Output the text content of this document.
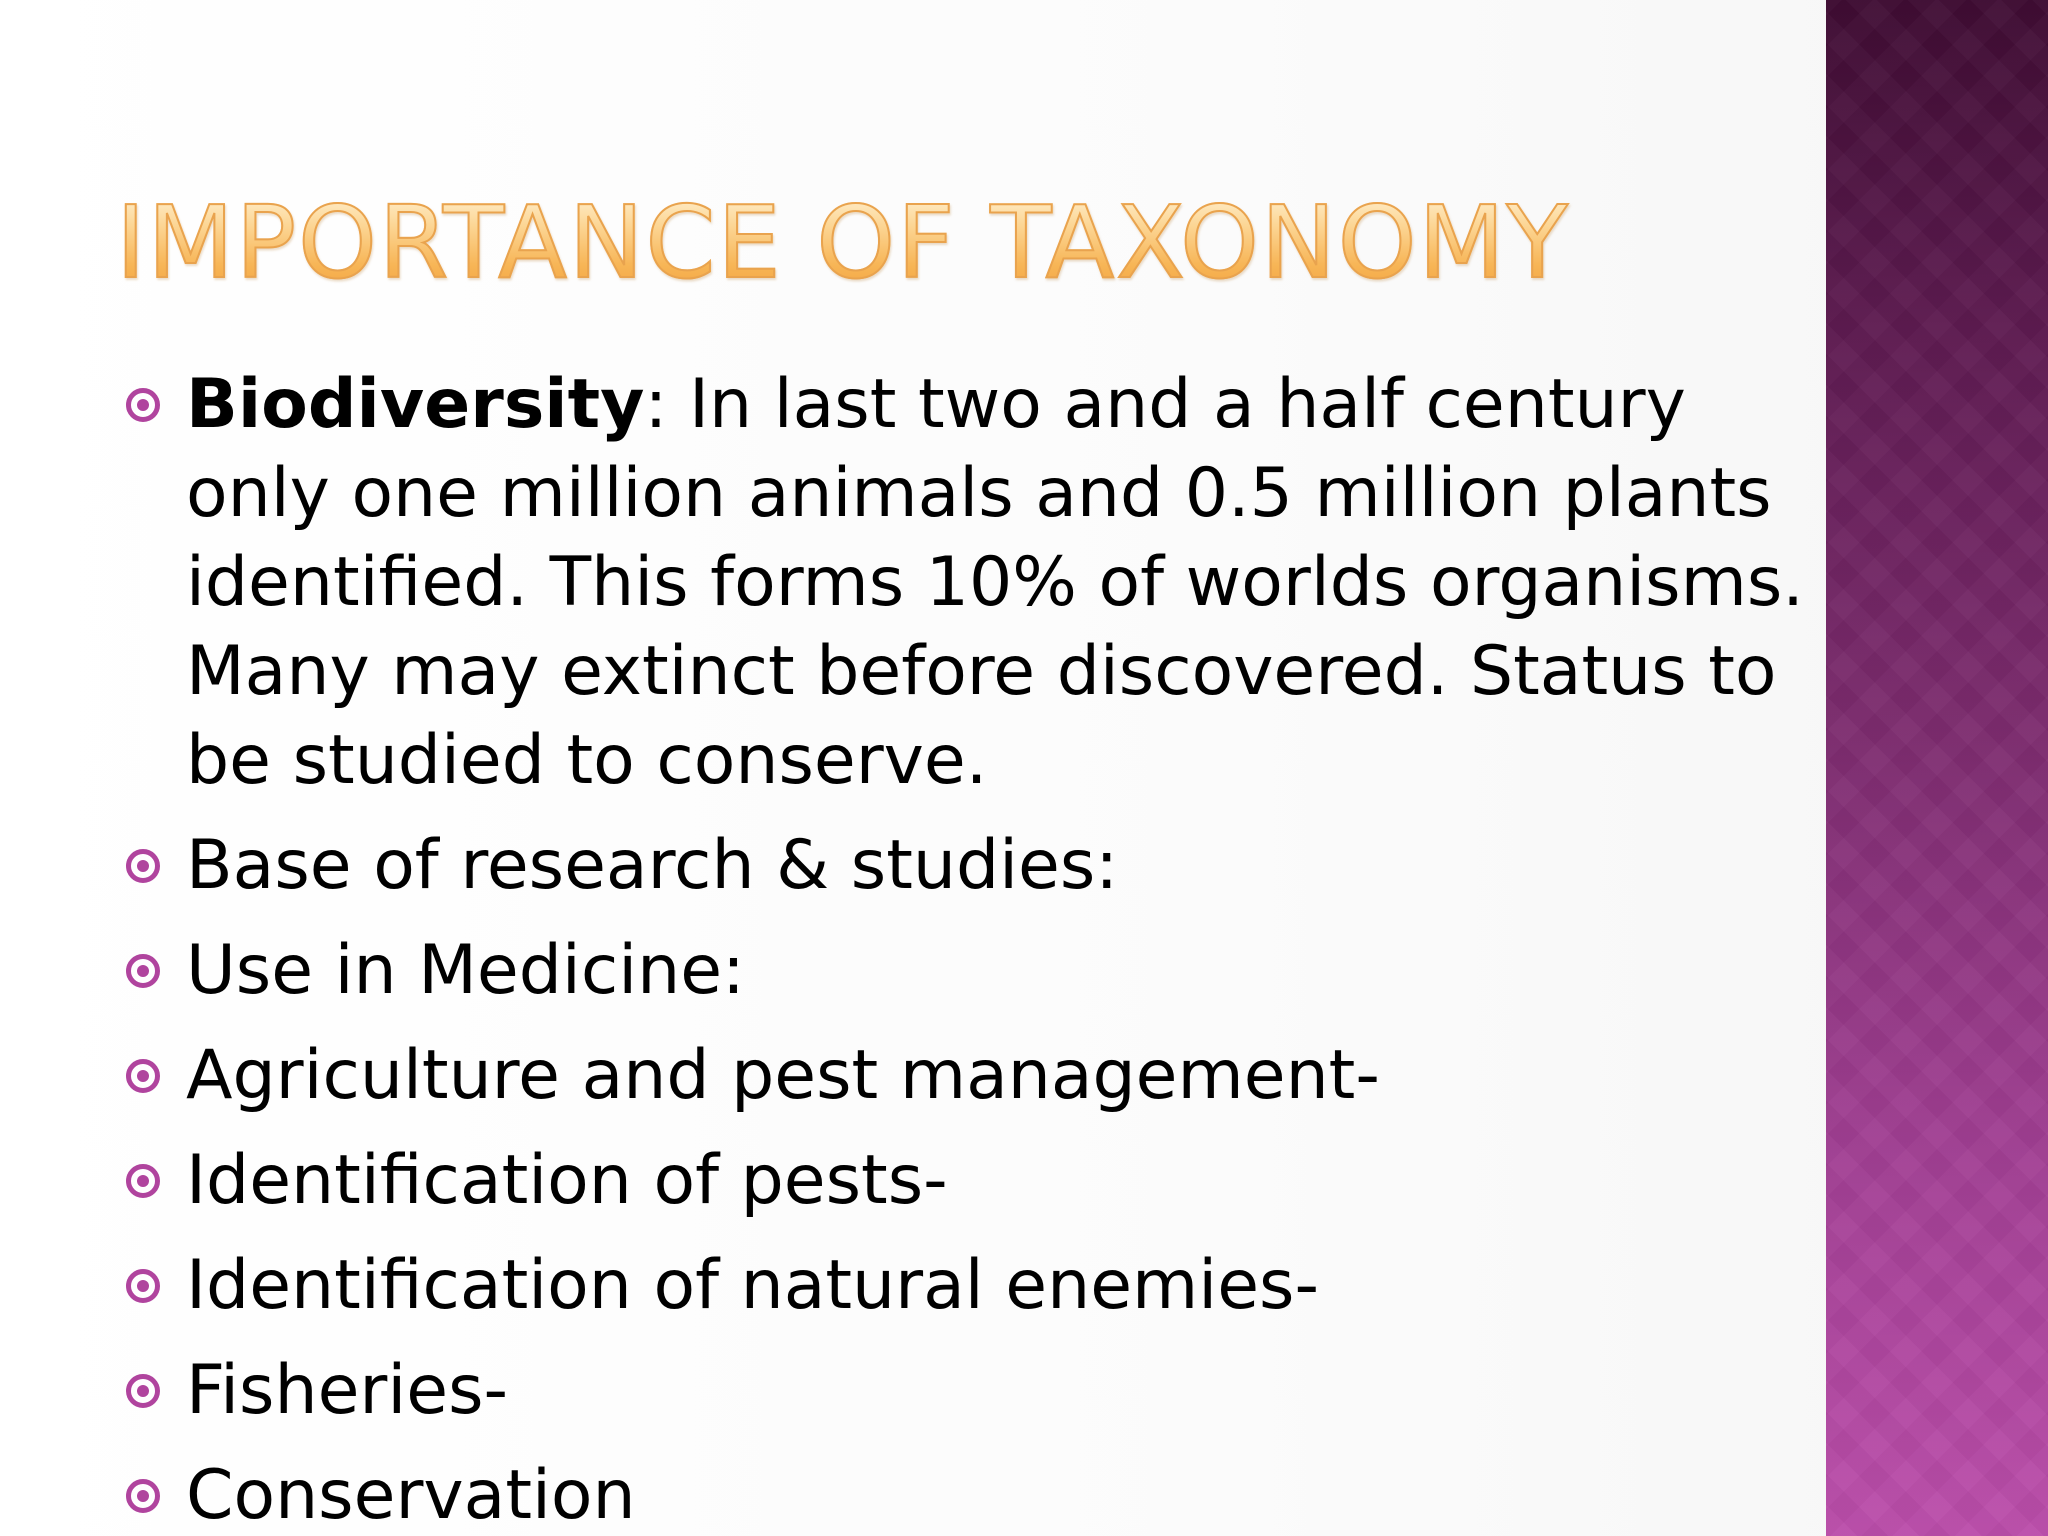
IMPORTANCE OF TAXONOMY
Biodiversity: In last two and a half century only one million animals and 0.5 million plants identified. This forms 10% of worlds organisms. Many may extinct before discovered. Status to be studied to conserve.
Base of research & studies:
Use in Medicine:
Agriculture and pest management-
Identification of pests-
Identification of natural enemies-
Fisheries-
Conservation
